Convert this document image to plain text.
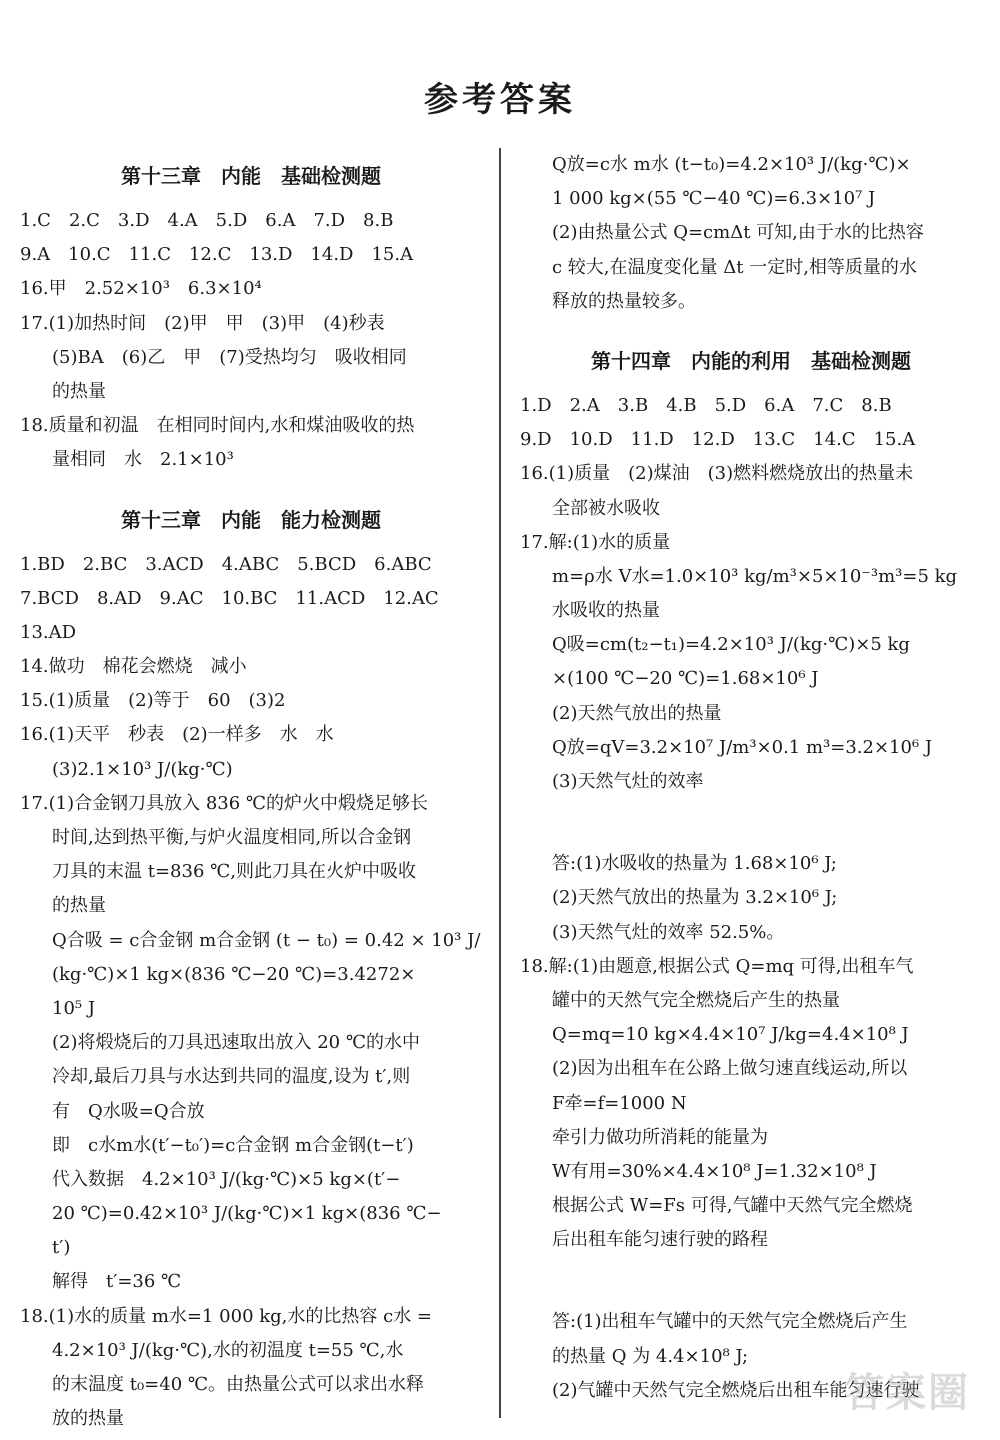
参考答案
第十三章　内能　基础检测题
1.C　2.C　3.D　4.A　5.D　6.A　7.D　8.B
9.A　10.C　11.C　12.C　13.D　14.D　15.A
16.甲　2.52×10³　6.3×10⁴
17.(1)加热时间　(2)甲　甲　(3)甲　(4)秒表
(5)BA　(6)乙　甲　(7)受热均匀　吸收相同
的热量
18.质量和初温　在相同时间内,水和煤油吸收的热
量相同　水　2.1×10³
第十三章　内能　能力检测题
1.BD　2.BC　3.ACD　4.ABC　5.BCD　6.ABC
7.BCD　8.AD　9.AC　10.BC　11.ACD　12.AC
13.AD
14.做功　棉花会燃烧　减小
15.(1)质量　(2)等于　60　(3)2
16.(1)天平　秒表　(2)一样多　水　水
(3)2.1×10³ J/(kg·℃)
17.(1)合金钢刀具放入 836 ℃的炉火中煅烧足够长
时间,达到热平衡,与炉火温度相同,所以合金钢
刀具的末温 t=836 ℃,则此刀具在火炉中吸收
的热量
Q合吸 = c合金钢 m合金钢 (t − t₀) = 0.42 × 10³ J/
(kg·℃)×1 kg×(836 ℃−20 ℃)=3.4272×
10⁵ J
(2)将煅烧后的刀具迅速取出放入 20 ℃的水中
冷却,最后刀具与水达到共同的温度,设为 t′,则
有　Q水吸=Q合放
即　c水m水(t′−t₀′)=c合金钢 m合金钢(t−t′)
代入数据　4.2×10³ J/(kg·℃)×5 kg×(t′−
20 ℃)=0.42×10³ J/(kg·℃)×1 kg×(836 ℃−
t′)
解得　t′=36 ℃
18.(1)水的质量 m水=1 000 kg,水的比热容 c水 =
4.2×10³ J/(kg·℃),水的初温度 t=55 ℃,水
的末温度 t₀=40 ℃。由热量公式可以求出水释
放的热量
Q放=c水 m水 (t−t₀)=4.2×10³ J/(kg·℃)×
1 000 kg×(55 ℃−40 ℃)=6.3×10⁷ J
(2)由热量公式 Q=cmΔt 可知,由于水的比热容
c 较大,在温度变化量 Δt 一定时,相等质量的水
释放的热量较多。
第十四章　内能的利用　基础检测题
1.D　2.A　3.B　4.B　5.D　6.A　7.C　8.B
9.D　10.D　11.D　12.D　13.C　14.C　15.A
16.(1)质量　(2)煤油　(3)燃料燃烧放出的热量未
全部被水吸收
17.解:(1)水的质量
m=ρ水 V水=1.0×10³ kg/m³×5×10⁻³m³=5 kg
水吸收的热量
Q吸=cm(t₂−t₁)=4.2×10³ J/(kg·℃)×5 kg
×(100 ℃−20 ℃)=1.68×10⁶ J
(2)天然气放出的热量
Q放=qV=3.2×10⁷ J/m³×0.1 m³=3.2×10⁶ J
(3)天然气灶的效率

答:(1)水吸收的热量为 1.68×10⁶ J;
(2)天然气放出的热量为 3.2×10⁶ J;
(3)天然气灶的效率 52.5%。
18.解:(1)由题意,根据公式 Q=mq 可得,出租车气
罐中的天然气完全燃烧后产生的热量
Q=mq=10 kg×4.4×10⁷ J/kg=4.4×10⁸ J
(2)因为出租车在公路上做匀速直线运动,所以
F牵=f=1000 N
牵引力做功所消耗的能量为
W有用=30%×4.4×10⁸ J=1.32×10⁸ J
根据公式 W=Fs 可得,气罐中天然气完全燃烧
后出租车能匀速行驶的路程

答:(1)出租车气罐中的天然气完全燃烧后产生
的热量 Q 为 4.4×10⁸ J;
(2)气罐中天然气完全燃烧后出租车能匀速行驶
答案圈
